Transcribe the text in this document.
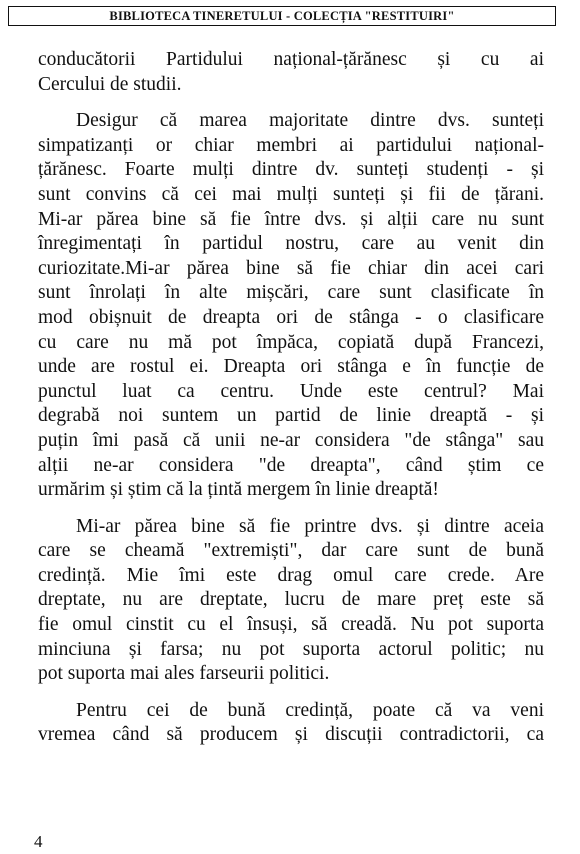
BIBLIOTECA TINERETULUI - COLECȚIA "RESTITUIRI"

conducătorii Partidului național-țărănesc și cu ai
Cercului de studii.

Desigur că marea majoritate dintre dvs. sunteți
simpatizanți or chiar membri ai partidului național-
țărănesc. Foarte mulți dintre dv. sunteți studenți - și
sunt convins că cei mai mulți sunteți și fii de țărani.
Mi-ar părea bine să fie între dvs. și alții care nu sunt
înregimentați în partidul nostru, care au venit din
curiozitate.Mi-ar părea bine să fie chiar din acei cari
sunt înrolați în alte mișcări, care sunt clasificate în
mod obișnuit de dreapta ori de stânga - o clasificare
cu care nu mă pot împăca, copiată după Francezi,
unde are rostul ei. Dreapta ori stânga e în funcție de
punctul luat ca centru. Unde este centrul? Mai
degrabă noi suntem un partid de linie dreaptă - și
puțin îmi pasă că unii ne-ar considera "de stânga" sau
alții ne-ar considera "de dreapta", când știm ce
urmărim și știm că la țintă mergem în linie dreaptă!

Mi-ar părea bine să fie printre dvs. și dintre aceia
care se cheamă "extremiști", dar care sunt de bună
credință. Mie îmi este drag omul care crede. Are
dreptate, nu are dreptate, lucru de mare preț este să
fie omul cinstit cu el însuși, să creadă. Nu pot suporta
minciuna și farsa; nu pot suporta actorul politic; nu
pot suporta mai ales farseurii politici.

Pentru cei de bună credință, poate că va veni
vremea când să producem și discuții contradictorii, ca

4
